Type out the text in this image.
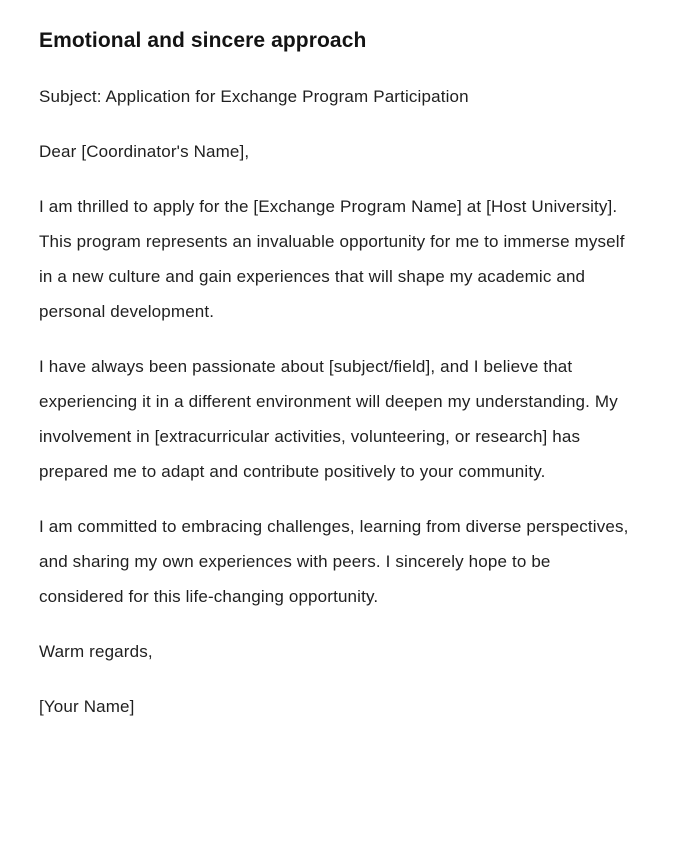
Emotional and sincere approach

Subject: Application for Exchange Program Participation

Dear [Coordinator's Name],

I am thrilled to apply for the [Exchange Program Name] at [Host University]. This program represents an invaluable opportunity for me to immerse myself in a new culture and gain experiences that will shape my academic and personal development.

I have always been passionate about [subject/field], and I believe that experiencing it in a different environment will deepen my understanding. My involvement in [extracurricular activities, volunteering, or research] has prepared me to adapt and contribute positively to your community.

I am committed to embracing challenges, learning from diverse perspectives, and sharing my own experiences with peers. I sincerely hope to be considered for this life-changing opportunity.

Warm regards,

[Your Name]
